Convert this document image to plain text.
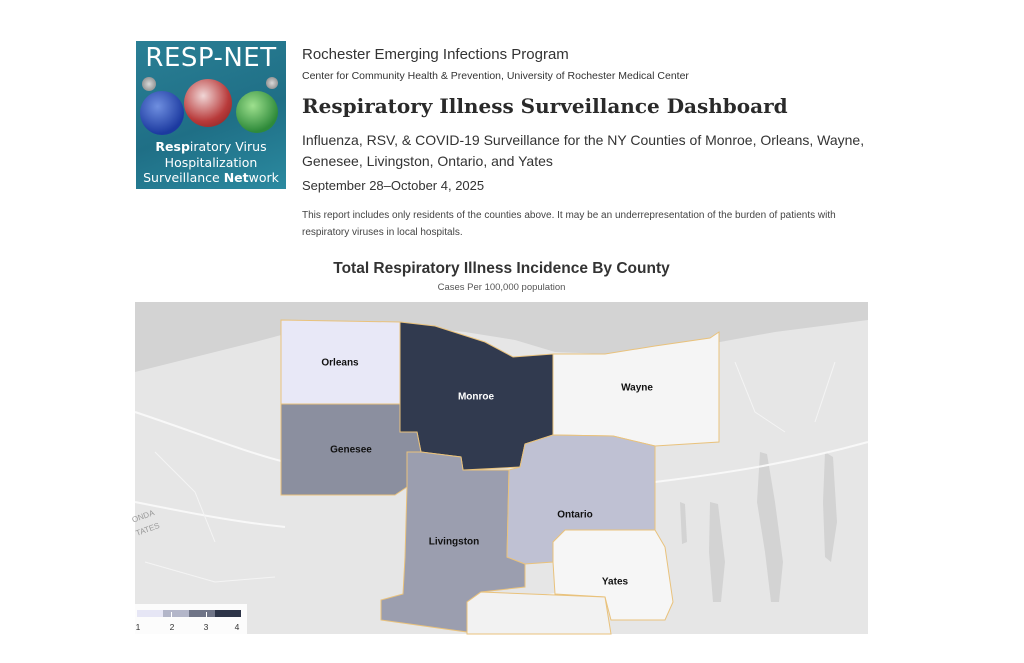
RESP-NET
Respiratory Virus
Hospitalization
Surveillance Network
Rochester Emerging Infections Program
Center for Community Health & Prevention, University of Rochester Medical Center
Respiratory Illness Surveillance Dashboard
Influenza, RSV, & COVID-19 Surveillance for the NY Counties of Monroe, Orleans, Wayne, Genesee, Livingston, Ontario, and Yates
September 28–October 4, 2025
This report includes only residents of the counties above. It may be an underrepresentation of the burden of patients with respiratory viruses in local hospitals.
Total Respiratory Illness Incidence By County
Cases Per 100,000 population
ONDA
TATES
Orleans
Monroe
Wayne
Genesee
Livingston
Ontario
Yates
1	2	3	4
